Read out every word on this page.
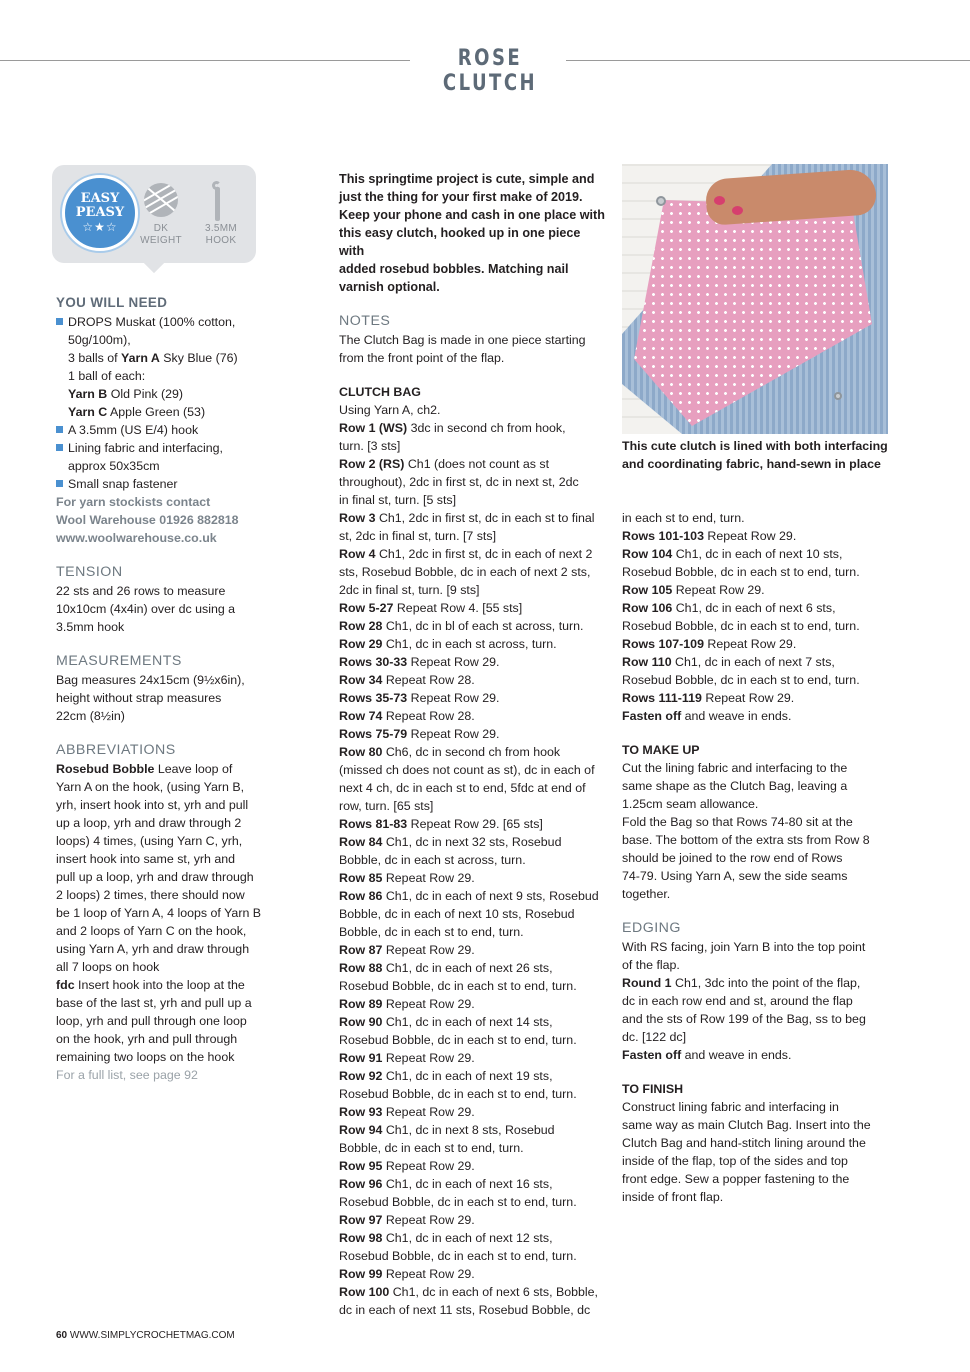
ROSE CLUTCH
EASY
PEASY
☆★☆	DK
WEIGHT
3.5MM
HOOK
YOU WILL NEED
DROPS Muskat (100% cotton,
50g/100m),
3 balls of Yarn A Sky Blue (76)
1 ball of each:
Yarn B Old Pink (29)
Yarn C Apple Green (53)
A 3.5mm (US E/4) hook
Lining fabric and interfacing,
approx 50x35cm
Small snap fastener
For yarn stockists contact
Wool Warehouse 01926 882818
www.woolwarehouse.co.uk
TENSION
22 sts and 26 rows to measure
10x10cm (4x4in) over dc using a
3.5mm hook
MEASUREMENTS
Bag measures 24x15cm (9½x6in),
height without strap measures
22cm (8½in)
ABBREVIATIONS
Rosebud Bobble Leave loop of
Yarn A on the hook, (using Yarn B,
yrh, insert hook into st, yrh and pull
up a loop, yrh and draw through 2
loops) 4 times, (using Yarn C, yrh,
insert hook into same st, yrh and
pull up a loop, yrh and draw through
2 loops) 2 times, there should now
be 1 loop of Yarn A, 4 loops of Yarn B
and 2 loops of Yarn C on the hook,
using Yarn A, yrh and draw through
all 7 loops on hook
fdc Insert hook into the loop at the
base of the last st, yrh and pull up a
loop, yrh and pull through one loop
on the hook, yrh and pull through
remaining two loops on the hook
For a full list, see page 92
This springtime project is cute, simple and
just the thing for your first make of 2019.
Keep your phone and cash in one place with
this easy clutch, hooked up in one piece with
added rosebud bobbles. Matching nail
varnish optional.
NOTES
The Clutch Bag is made in one piece starting
from the front point of the flap.
CLUTCH BAG
Using Yarn A, ch2.
Row 1 (WS) 3dc in second ch from hook,
turn. [3 sts]
Row 2 (RS) Ch1 (does not count as st
throughout), 2dc in first st, dc in next st, 2dc
in final st, turn. [5 sts]
Row 3 Ch1, 2dc in first st, dc in each st to final
st, 2dc in final st, turn. [7 sts]
Row 4 Ch1, 2dc in first st, dc in each of next 2
sts, Rosebud Bobble, dc in each of next 2 sts,
2dc in final st, turn. [9 sts]
Row 5-27 Repeat Row 4. [55 sts]
Row 28 Ch1, dc in bl of each st across, turn.
Row 29 Ch1, dc in each st across, turn.
Rows 30-33 Repeat Row 29.
Row 34 Repeat Row 28.
Rows 35-73 Repeat Row 29.
Row 74 Repeat Row 28.
Rows 75-79 Repeat Row 29.
Row 80 Ch6, dc in second ch from hook
(missed ch does not count as st), dc in each of
next 4 ch, dc in each st to end, 5fdc at end of
row, turn. [65 sts]
Rows 81-83 Repeat Row 29. [65 sts]
Row 84 Ch1, dc in next 32 sts, Rosebud
Bobble, dc in each st across, turn.
Row 85 Repeat Row 29.
Row 86 Ch1, dc in each of next 9 sts, Rosebud
Bobble, dc in each of next 10 sts, Rosebud
Bobble, dc in each st to end, turn.
Row 87 Repeat Row 29.
Row 88 Ch1, dc in each of next 26 sts,
Rosebud Bobble, dc in each st to end, turn.
Row 89 Repeat Row 29.
Row 90 Ch1, dc in each of next 14 sts,
Rosebud Bobble, dc in each st to end, turn.
Row 91 Repeat Row 29.
Row 92 Ch1, dc in each of next 19 sts,
Rosebud Bobble, dc in each st to end, turn.
Row 93 Repeat Row 29.
Row 94 Ch1, dc in next 8 sts, Rosebud
Bobble, dc in each st to end, turn.
Row 95 Repeat Row 29.
Row 96 Ch1, dc in each of next 16 sts,
Rosebud Bobble, dc in each st to end, turn.
Row 97 Repeat Row 29.
Row 98 Ch1, dc in each of next 12 sts,
Rosebud Bobble, dc in each st to end, turn.
Row 99 Repeat Row 29.
Row 100 Ch1, dc in each of next 6 sts, Bobble,
dc in each of next 11 sts, Rosebud Bobble, dc
This cute clutch is lined with both interfacing
and coordinating fabric, hand-sewn in place
in each st to end, turn.
Rows 101-103 Repeat Row 29.
Row 104 Ch1, dc in each of next 10 sts,
Rosebud Bobble, dc in each st to end, turn.
Row 105 Repeat Row 29.
Row 106 Ch1, dc in each of next 6 sts,
Rosebud Bobble, dc in each st to end, turn.
Rows 107-109 Repeat Row 29.
Row 110 Ch1, dc in each of next 7 sts,
Rosebud Bobble, dc in each st to end, turn.
Rows 111-119 Repeat Row 29.
Fasten off and weave in ends.
TO MAKE UP
Cut the lining fabric and interfacing to the
same shape as the Clutch Bag, leaving a
1.25cm seam allowance.
Fold the Bag so that Rows 74-80 sit at the
base. The bottom of the extra sts from Row 8
should be joined to the row end of Rows
74-79. Using Yarn A, sew the side seams
together.
EDGING
With RS facing, join Yarn B into the top point
of the flap.
Round 1 Ch1, 3dc into the point of the flap,
dc in each row end and st, around the flap
and the sts of Row 199 of the Bag, ss to beg
dc. [122 dc]
Fasten off and weave in ends.
TO FINISH
Construct lining fabric and interfacing in
same way as main Clutch Bag. Insert into the
Clutch Bag and hand-stitch lining around the
inside of the flap, top of the sides and top
front edge. Sew a popper fastening to the
inside of front flap.
60 WWW.SIMPLYCROCHETMAG.COM
